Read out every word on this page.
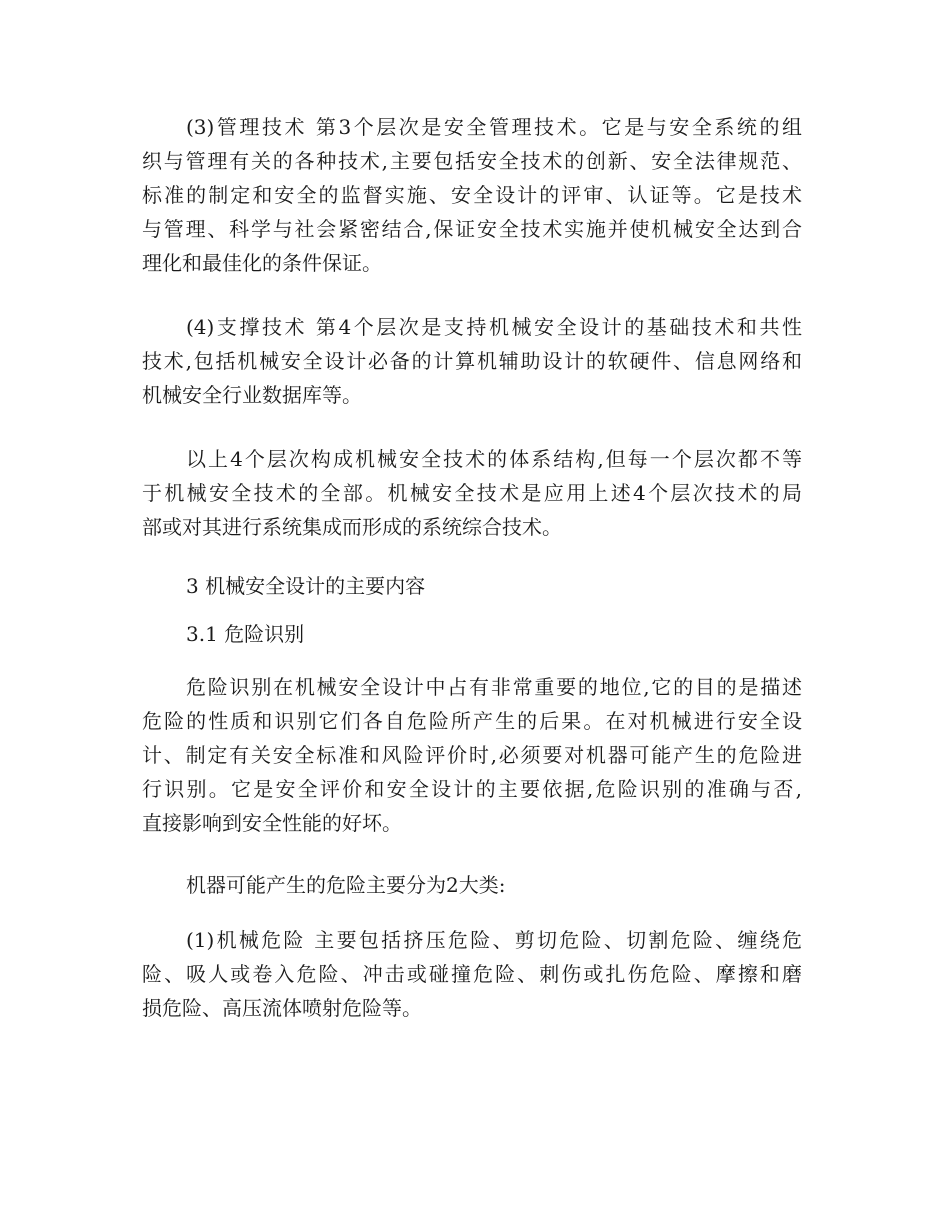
(3)管理技术 第3个层次是安全管理技术。它是与安全系统的组
织与管理有关的各种技术,主要包括安全技术的创新、安全法律规范、
标准的制定和安全的监督实施、安全设计的评审、认证等。它是技术
与管理、科学与社会紧密结合,保证安全技术实施并使机械安全达到合
理化和最佳化的条件保证。
(4)支撑技术 第4个层次是支持机械安全设计的基础技术和共性
技术,包括机械安全设计必备的计算机辅助设计的软硬件、信息网络和
机械安全行业数据库等。
以上4个层次构成机械安全技术的体系结构,但每一个层次都不等
于机械安全技术的全部。机械安全技术是应用上述4个层次技术的局
部或对其进行系统集成而形成的系统综合技术。
3 机械安全设计的主要内容
3.1 危险识别
危险识别在机械安全设计中占有非常重要的地位,它的目的是描述
危险的性质和识别它们各自危险所产生的后果。在对机械进行安全设
计、制定有关安全标准和风险评价时,必须要对机器可能产生的危险进
行识别。它是安全评价和安全设计的主要依据,危险识别的准确与否,
直接影响到安全性能的好坏。
机器可能产生的危险主要分为2大类:
(1)机械危险 主要包括挤压危险、剪切危险、切割危险、缠绕危
险、吸人或卷入危险、冲击或碰撞危险、刺伤或扎伤危险、摩擦和磨
损危险、高压流体喷射危险等。
